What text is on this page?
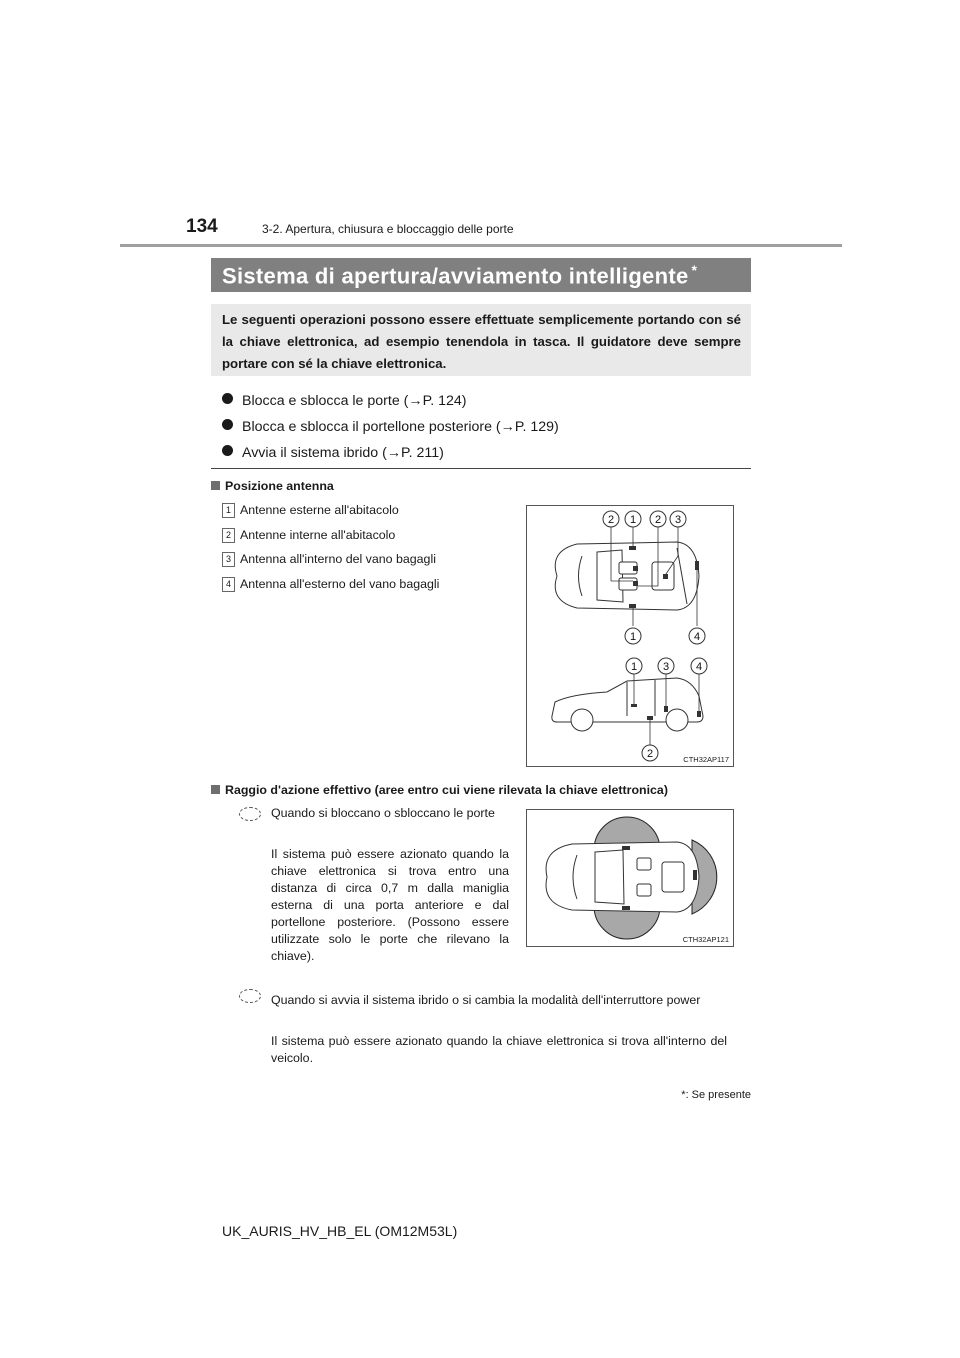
134	3-2. Apertura, chiusura e bloccaggio delle porte
Sistema di apertura/avviamento intelligente *
Le seguenti operazioni possono essere effettuate semplicemente portando con sé la chiave elettronica, ad esempio tenendola in tasca. Il guidatore deve sempre portare con sé la chiave elettronica.
Blocca e sblocca le porte (→P. 124)
Blocca e sblocca il portellone posteriore (→P. 129)
Avvia il sistema ibrido (→P. 211)
Posizione antenna
1 Antenne esterne all'abitacolo
2 Antenne interne all'abitacolo
3 Antenna all'interno del vano bagagli
4 Antenna all'esterno del vano bagagli
2 1 2 3
1	4
1 3 4
2	CTH32AP117
Raggio d'azione effettivo (aree entro cui viene rilevata la chiave elettronica)
Quando si bloccano o sbloccano le porte
Il sistema può essere azionato quando la chiave elettronica si trova entro una distanza di circa 0,7 m dalla maniglia esterna di una porta anteriore e dal portellone posteriore. (Possono essere utilizzate solo le porte che rilevano la chiave).
CTH32AP121
Quando si avvia il sistema ibrido o si cambia la modalità dell'interruttore power
Il sistema può essere azionato quando la chiave elettronica si trova all'interno del veicolo.
*: Se presente
UK_AURIS_HV_HB_EL (OM12M53L)
